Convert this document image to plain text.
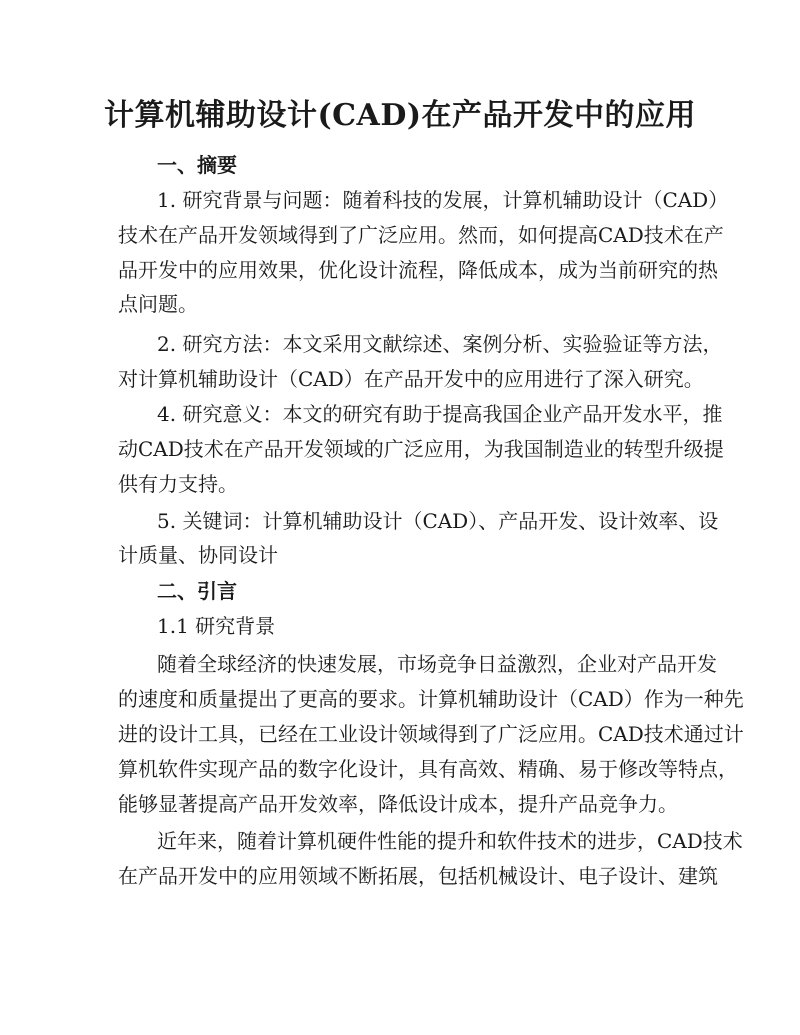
计算机辅助设计(CAD)在产品开发中的应用
一、摘要
1. 研究背景与问题：随着科技的发展，计算机辅助设计（CAD）
技术在产品开发领域得到了广泛应用。然而，如何提高CAD技术在产
品开发中的应用效果，优化设计流程，降低成本，成为当前研究的热
点问题。
2. 研究方法：本文采用文献综述、案例分析、实验验证等方法，
对计算机辅助设计（CAD）在产品开发中的应用进行了深入研究。
4. 研究意义：本文的研究有助于提高我国企业产品开发水平，推
动CAD技术在产品开发领域的广泛应用，为我国制造业的转型升级提
供有力支持。
5. 关键词：计算机辅助设计（CAD）、产品开发、设计效率、设
计质量、协同设计
二、引言
1.1 研究背景
随着全球经济的快速发展，市场竞争日益激烈，企业对产品开发
的速度和质量提出了更高的要求。计算机辅助设计（CAD）作为一种先
进的设计工具，已经在工业设计领域得到了广泛应用。CAD技术通过计
算机软件实现产品的数字化设计，具有高效、精确、易于修改等特点，
能够显著提高产品开发效率，降低设计成本，提升产品竞争力。
近年来，随着计算机硬件性能的提升和软件技术的进步，CAD技术
在产品开发中的应用领域不断拓展，包括机械设计、电子设计、建筑
